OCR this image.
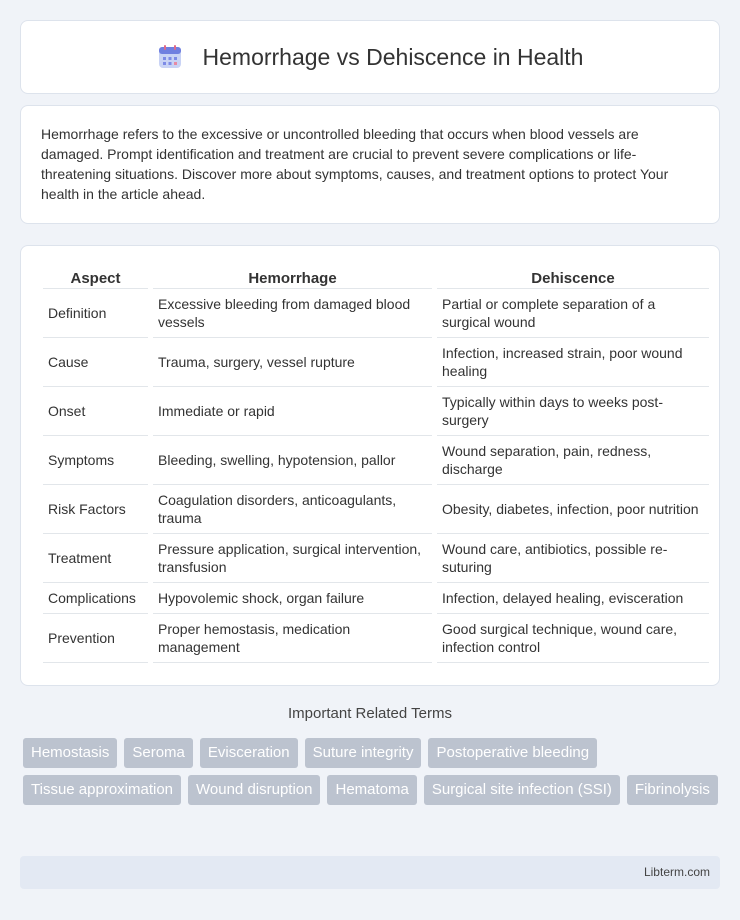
Hemorrhage vs Dehiscence in Health

Hemorrhage refers to the excessive or uncontrolled bleeding that occurs when blood vessels are damaged. Prompt identification and treatment are crucial to prevent severe complications or life-threatening situations. Discover more about symptoms, causes, and treatment options to protect Your health in the article ahead.

Aspect	Hemorrhage	Dehiscence
Definition	Excessive bleeding from damaged blood vessels	Partial or complete separation of a surgical wound
Cause	Trauma, surgery, vessel rupture	Infection, increased strain, poor wound healing
Onset	Immediate or rapid	Typically within days to weeks post-surgery
Symptoms	Bleeding, swelling, hypotension, pallor	Wound separation, pain, redness, discharge
Risk Factors	Coagulation disorders, anticoagulants, trauma	Obesity, diabetes, infection, poor nutrition
Treatment	Pressure application, surgical intervention, transfusion	Wound care, antibiotics, possible re-suturing
Complications	Hypovolemic shock, organ failure	Infection, delayed healing, evisceration
Prevention	Proper hemostasis, medication management	Good surgical technique, wound care, infection control
Important Related Terms
Hemostasis	Seroma	Evisceration	Suture integrity	Postoperative bleeding
Tissue approximation	Wound disruption	Hematoma	Surgical site infection (SSI)	Fibrinolysis
Libterm.com
